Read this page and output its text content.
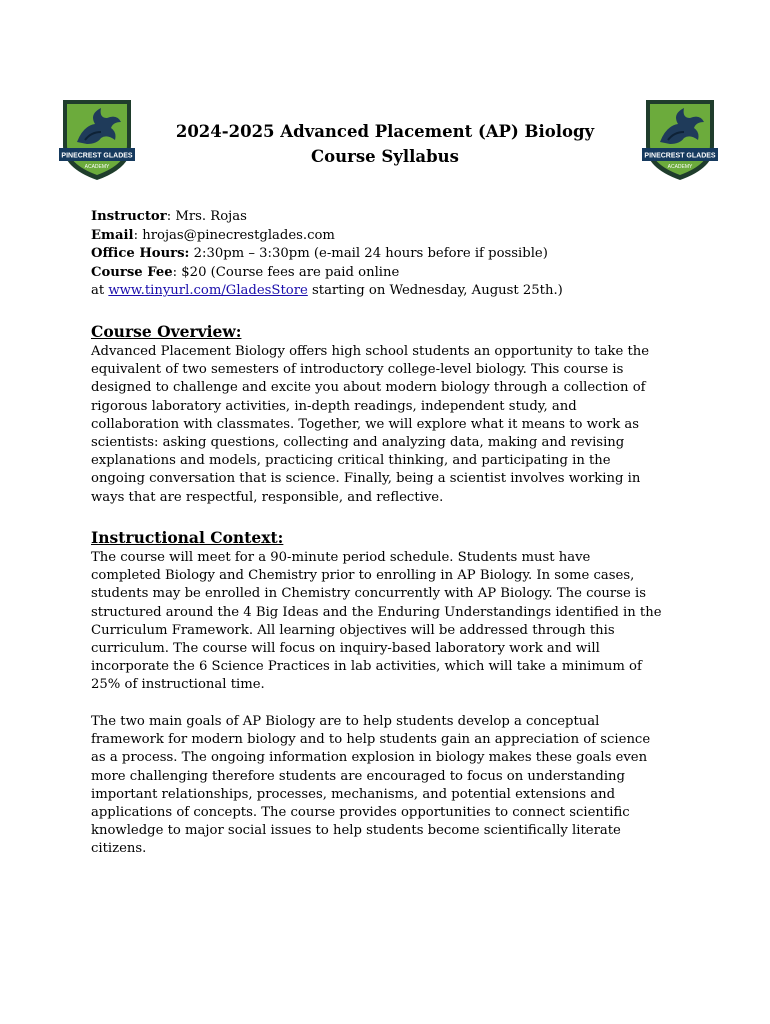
PINECREST GLADES
ACADEMY
PINECREST GLADES
ACADEMY
2024-2025 Advanced Placement (AP) Biology
Course Syllabus
Instructor: Mrs. Rojas
Email: hrojas@pinecrestglades.com
Office Hours: 2:30pm – 3:30pm (e-mail 24 hours before if possible)
Course Fee: $20 (Course fees are paid online
at www.tinyurl.com/GladesStore starting on Wednesday, August 25th.)
Course Overview:
Advanced Placement Biology offers high school students an opportunity to take the
equivalent of two semesters of introductory college-level biology. This course is
designed to challenge and excite you about modern biology through a collection of
rigorous laboratory activities, in-depth readings, independent study, and
collaboration with classmates. Together, we will explore what it means to work as
scientists: asking questions, collecting and analyzing data, making and revising
explanations and models, practicing critical thinking, and participating in the
ongoing conversation that is science. Finally, being a scientist involves working in
ways that are respectful, responsible, and reflective.
Instructional Context:
The course will meet for a 90-minute period schedule. Students must have
completed Biology and Chemistry prior to enrolling in AP Biology. In some cases,
students may be enrolled in Chemistry concurrently with AP Biology. The course is
structured around the 4 Big Ideas and the Enduring Understandings identified in the
Curriculum Framework. All learning objectives will be addressed through this
curriculum. The course will focus on inquiry-based laboratory work and will
incorporate the 6 Science Practices in lab activities, which will take a minimum of
25% of instructional time.
The two main goals of AP Biology are to help students develop a conceptual
framework for modern biology and to help students gain an appreciation of science
as a process. The ongoing information explosion in biology makes these goals even
more challenging therefore students are encouraged to focus on understanding
important relationships, processes, mechanisms, and potential extensions and
applications of concepts. The course provides opportunities to connect scientific
knowledge to major social issues to help students become scientifically literate
citizens.
